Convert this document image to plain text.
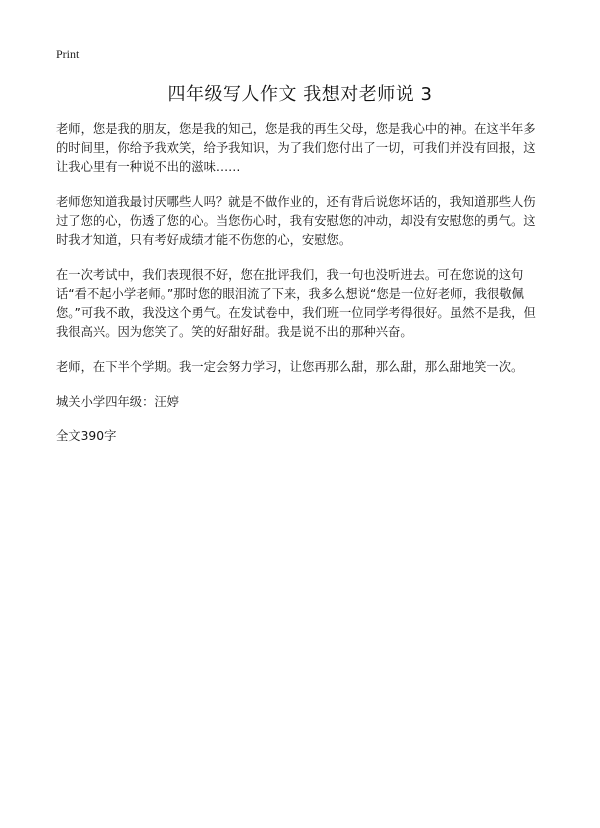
Print
四年级写人作文 我想对老师说 3

老师，您是我的朋友，您是我的知己，您是我的再生父母，您是我心中的神。在这半年多的时间里，你给予我欢笑，给予我知识，为了我们您付出了一切，可我们并没有回报，这让我心里有一种说不出的滋味……

老师您知道我最讨厌哪些人吗？就是不做作业的，还有背后说您坏话的，我知道那些人伤过了您的心，伤透了您的心。当您伤心时，我有安慰您的冲动，却没有安慰您的勇气。这时我才知道，只有考好成绩才能不伤您的心，安慰您。

在一次考试中，我们表现很不好，您在批评我们，我一句也没听进去。可在您说的这句话“看不起小学老师。”那时您的眼泪流了下来，我多么想说“您是一位好老师，我很敬佩您。”可我不敢，我没这个勇气。在发试卷中，我们班一位同学考得很好。虽然不是我，但我很高兴。因为您笑了。笑的好甜好甜。我是说不出的那种兴奋。

老师，在下半个学期。我一定会努力学习，让您再那么甜，那么甜，那么甜地笑一次。

城关小学四年级：汪婷

全文390字
